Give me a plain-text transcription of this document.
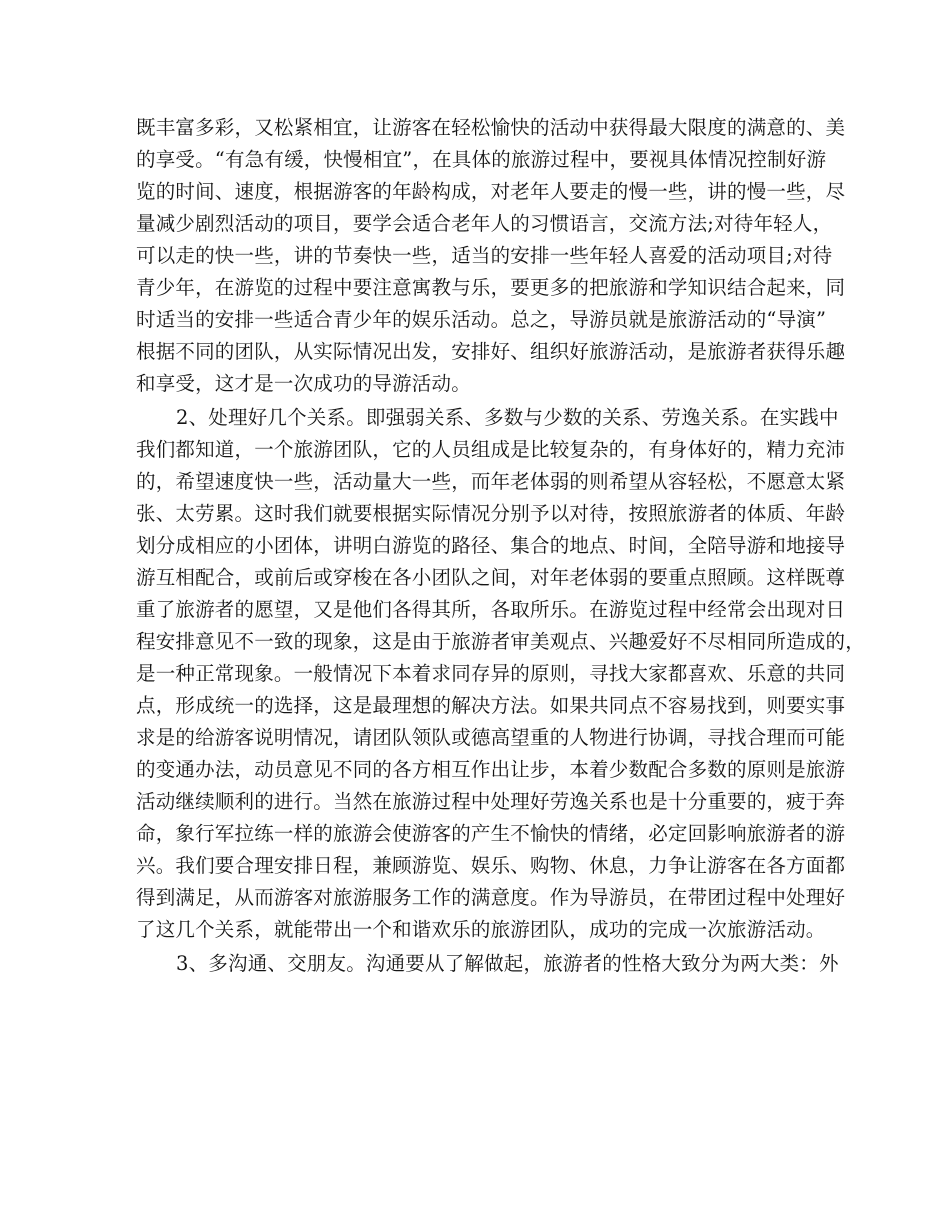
既丰富多彩，又松紧相宜，让游客在轻松愉快的活动中获得最大限度的满意的、美
的享受。“有急有缓，快慢相宜”，在具体的旅游过程中，要视具体情况控制好游
览的时间、速度，根据游客的年龄构成，对老年人要走的慢一些，讲的慢一些，尽
量减少剧烈活动的项目，要学会适合老年人的习惯语言，交流方法;对待年轻人，
可以走的快一些，讲的节奏快一些，适当的安排一些年轻人喜爱的活动项目;对待
青少年，在游览的过程中要注意寓教与乐，要更多的把旅游和学知识结合起来，同
时适当的安排一些适合青少年的娱乐活动。总之，导游员就是旅游活动的“导演”
根据不同的团队，从实际情况出发，安排好、组织好旅游活动，是旅游者获得乐趣
和享受，这才是一次成功的导游活动。
2、处理好几个关系。即强弱关系、多数与少数的关系、劳逸关系。在实践中
我们都知道，一个旅游团队，它的人员组成是比较复杂的，有身体好的，精力充沛
的，希望速度快一些，活动量大一些，而年老体弱的则希望从容轻松，不愿意太紧
张、太劳累。这时我们就要根据实际情况分别予以对待，按照旅游者的体质、年龄
划分成相应的小团体，讲明白游览的路径、集合的地点、时间，全陪导游和地接导
游互相配合，或前后或穿梭在各小团队之间，对年老体弱的要重点照顾。这样既尊
重了旅游者的愿望，又是他们各得其所，各取所乐。在游览过程中经常会出现对日
程安排意见不一致的现象，这是由于旅游者审美观点、兴趣爱好不尽相同所造成的，
是一种正常现象。一般情况下本着求同存异的原则，寻找大家都喜欢、乐意的共同
点，形成统一的选择，这是最理想的解决方法。如果共同点不容易找到，则要实事
求是的给游客说明情况，请团队领队或德高望重的人物进行协调，寻找合理而可能
的变通办法，动员意见不同的各方相互作出让步，本着少数配合多数的原则是旅游
活动继续顺利的进行。当然在旅游过程中处理好劳逸关系也是十分重要的，疲于奔
命，象行军拉练一样的旅游会使游客的产生不愉快的情绪，必定回影响旅游者的游
兴。我们要合理安排日程，兼顾游览、娱乐、购物、休息，力争让游客在各方面都
得到满足，从而游客对旅游服务工作的满意度。作为导游员，在带团过程中处理好
了这几个关系，就能带出一个和谐欢乐的旅游团队，成功的完成一次旅游活动。
3、多沟通、交朋友。沟通要从了解做起，旅游者的性格大致分为两大类：外
